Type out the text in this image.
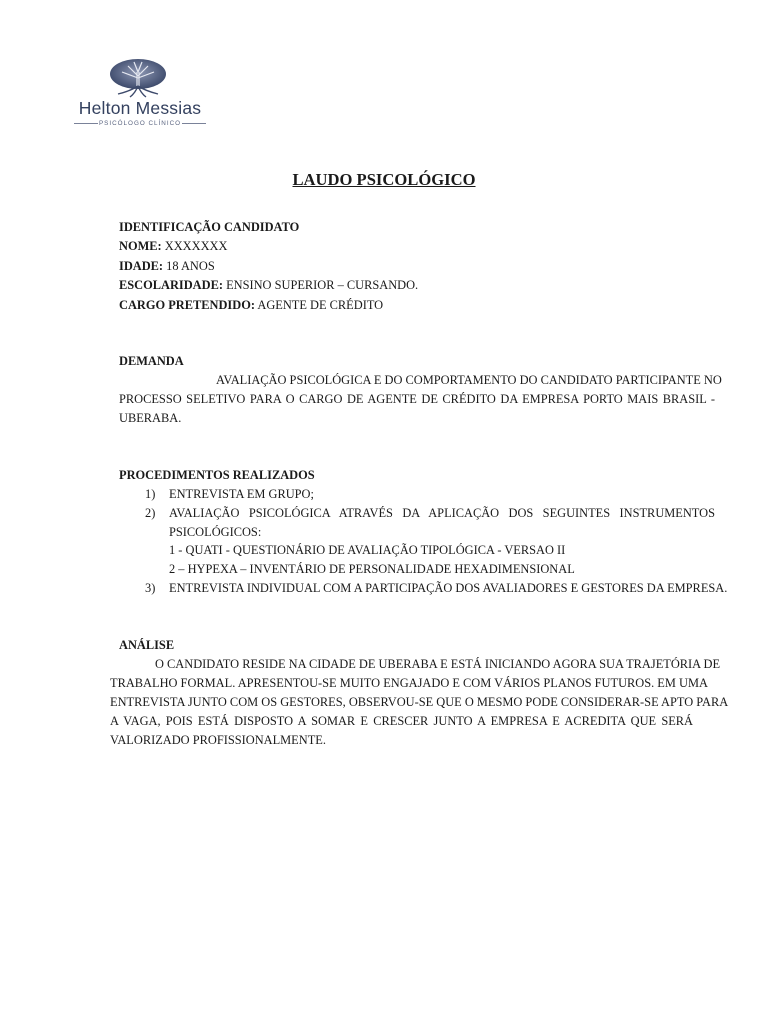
Helton Messias
PSICÓLOGO CLÍNICO
LAUDO PSICOLÓGICO
IDENTIFICAÇÃO CANDIDATO
NOME: XXXXXXX
IDADE: 18 ANOS
ESCOLARIDADE: ENSINO SUPERIOR – CURSANDO.
CARGO PRETENDIDO: AGENTE DE CRÉDITO
DEMANDA
AVALIAÇÃO PSICOLÓGICA E DO COMPORTAMENTO DO CANDIDATO PARTICIPANTE NO
PROCESSO SELETIVO PARA O CARGO DE AGENTE DE CRÉDITO DA EMPRESA PORTO MAIS BRASIL -
UBERABA.
PROCEDIMENTOS REALIZADOS
1) ENTREVISTA EM GRUPO;
2) AVALIAÇÃO PSICOLÓGICA ATRAVÉS DA APLICAÇÃO DOS SEGUINTES INSTRUMENTOS
PSICOLÓGICOS:
1 - QUATI - QUESTIONÁRIO DE AVALIAÇÃO TIPOLÓGICA - VERSAO II
2 – HYPEXA – INVENTÁRIO DE PERSONALIDADE HEXADIMENSIONAL
3) ENTREVISTA INDIVIDUAL COM A PARTICIPAÇÃO DOS AVALIADORES E GESTORES DA EMPRESA.
ANÁLISE
O CANDIDATO RESIDE NA CIDADE DE UBERABA E ESTÁ INICIANDO AGORA SUA TRAJETÓRIA DE
TRABALHO FORMAL. APRESENTOU-SE MUITO ENGAJADO E COM VÁRIOS PLANOS FUTUROS. EM UMA
ENTREVISTA JUNTO COM OS GESTORES, OBSERVOU-SE QUE O MESMO PODE CONSIDERAR-SE APTO PARA
A VAGA, POIS ESTÁ DISPOSTO A SOMAR E CRESCER JUNTO A EMPRESA E ACREDITA QUE SERÁ
VALORIZADO PROFISSIONALMENTE.
